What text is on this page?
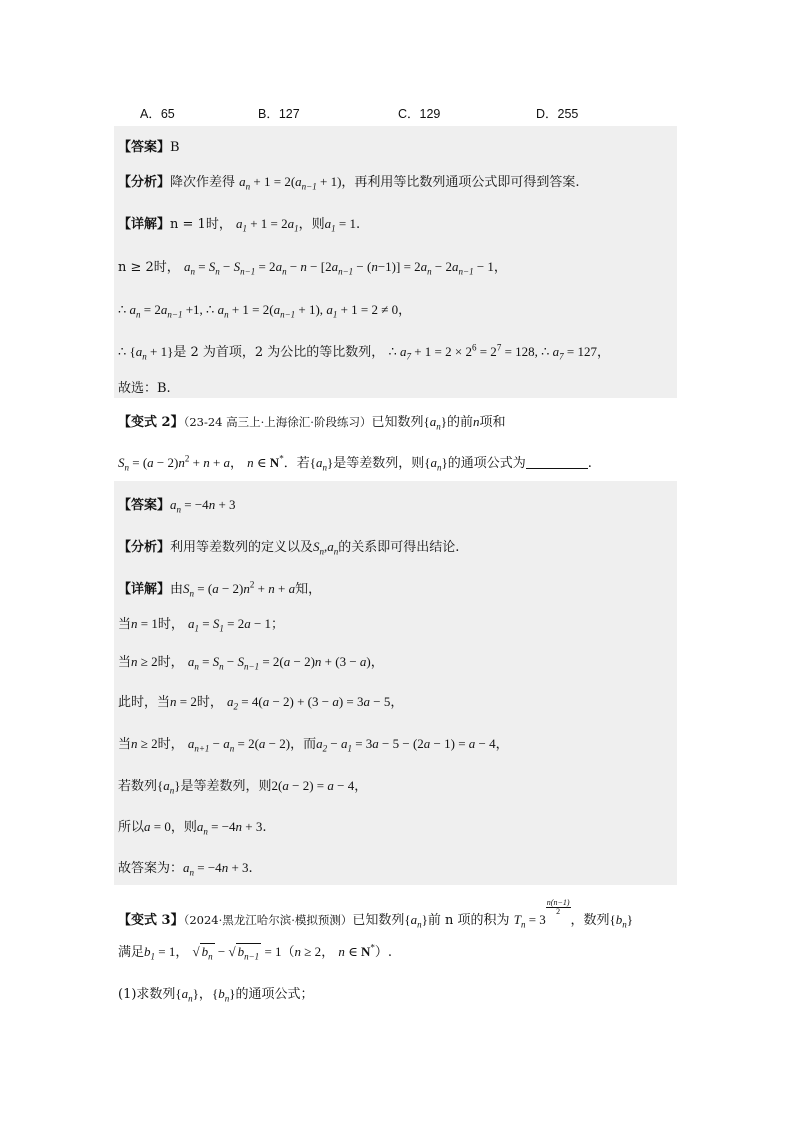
A．65	B．127	C．129	D．255
【答案】B
【分析】降次作差得 $a_n + 1 = 2(a_{n-1} + 1)$，再利用等比数列通项公式即可得到答案.
【详解】n = 1时， $a_1 + 1 = 2a_1$，则$a_1 = 1$.
n ≥ 2时， $a_n = S_n - S_{n-1} = 2a_n - n - [2a_{n-1} - (n-1)] = 2a_n - 2a_{n-1} - 1$，
∴ $a_n = 2a_{n-1} +1$, ∴ $a_n + 1 = 2(a_{n-1} + 1)$, $a_1 + 1 = 2 \ne 0$，
∴ $\{a_n + 1\}$是 2 为首项，2 为公比的等比数列， ∴ $a_7 + 1 = 2 \times 2^6 = 2^7 = 128$, ∴ $a_7 = 127$，
故选：B.
【变式 2】（23-24 高三上·上海徐汇·阶段练习）已知数列$\{a_n\}$的前n项和
$S_n = (a - 2)n^2 + n + a$， n ∈ N*．若$\{a_n\}$是等差数列，则$\{a_n\}$的通项公式为	.
【答案】$a_n = -4n + 3$
【分析】利用等差数列的定义以及$S_n,a_n$的关系即可得出结论.
【详解】由$S_n = (a - 2)n^2 + n + a$知，
当n = 1时， $a_1 = S_1 = 2a - 1$；
当n ≥ 2时， $a_n = S_n - S_{n-1} = 2(a - 2)n + (3 - a)$，
此时，当n = 2时， $a_2 = 4(a - 2) + (3 - a) = 3a - 5$，
当n ≥ 2时， $a_{n+1} - a_n = 2(a - 2)$，而$a_2 - a_1 = 3a - 5 - (2a - 1) = a - 4$，
若数列$\{a_n\}$是等差数列，则2(a − 2) = a − 4，
所以a = 0，则$a_n = -4n + 3$.
故答案为：$a_n = -4n + 3$.
【变式 3】（2024·黑龙江哈尔滨·模拟预测）已知数列$\{a_n\}$前 n 项的积为 $T_n = 3$
$\frac{n(n-1)}{2}$
，数列$\{b_n\}$
满足$b_1 = 1$， √ $b_n$ − √ $b_{n-1} = 1(n \ge 2$， n ∈ N*）.
(1)求数列$\{a_n\}$，$\{b_n\}$的通项公式；
